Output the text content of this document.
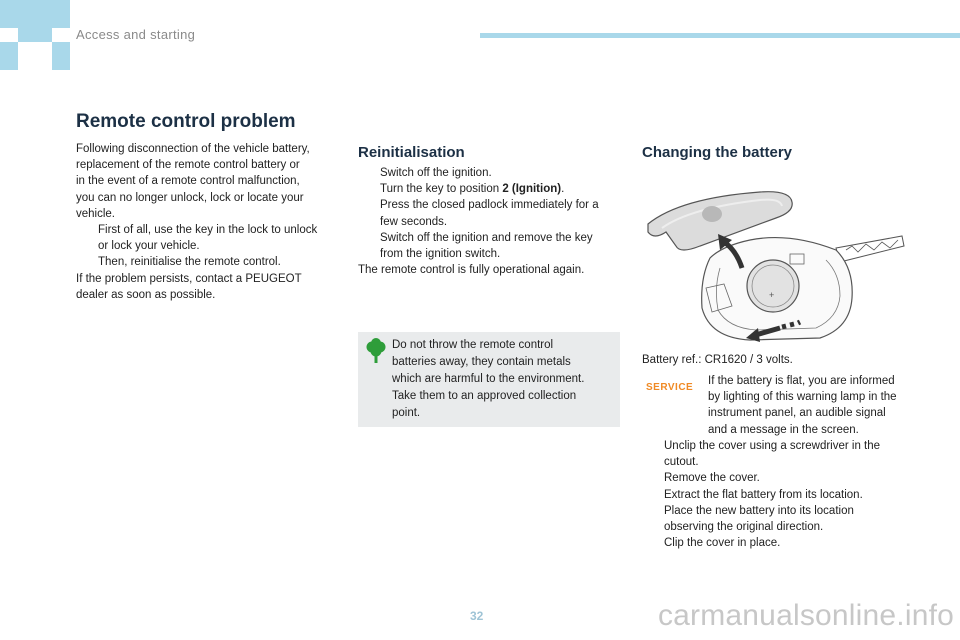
Access and starting
Remote control problem

Following disconnection of the vehicle battery,

replacement of the remote control battery or

in the event of a remote control malfunction,

you can no longer unlock, lock or locate your

vehicle.

First of all, use the key in the lock to unlock
or lock your vehicle.
Then, reinitialise the remote control.

If the problem persists, contact a PEUGEOT

dealer as soon as possible.

Reinitialisation
Switch off the ignition.
Turn the key to position 2 (Ignition).
Press the closed padlock immediately for a
few seconds.
Switch off the ignition and remove the key
from the ignition switch.

The remote control is fully operational again.

Do not throw the remote control
batteries away, they contain metals
which are harmful to the environment.
Take them to an approved collection
point.
Changing the battery
+
Battery ref.: CR1620 / 3 volts.
SERVICE
If the battery is flat, you are informed
by lighting of this warning lamp in the
instrument panel, an audible signal
and a message in the screen.
Unclip the cover using a screwdriver in the
cutout.
Remove the cover.
Extract the flat battery from its location.
Place the new battery into its location
observing the original direction.
Clip the cover in place.
32	carmanualsonline.info
